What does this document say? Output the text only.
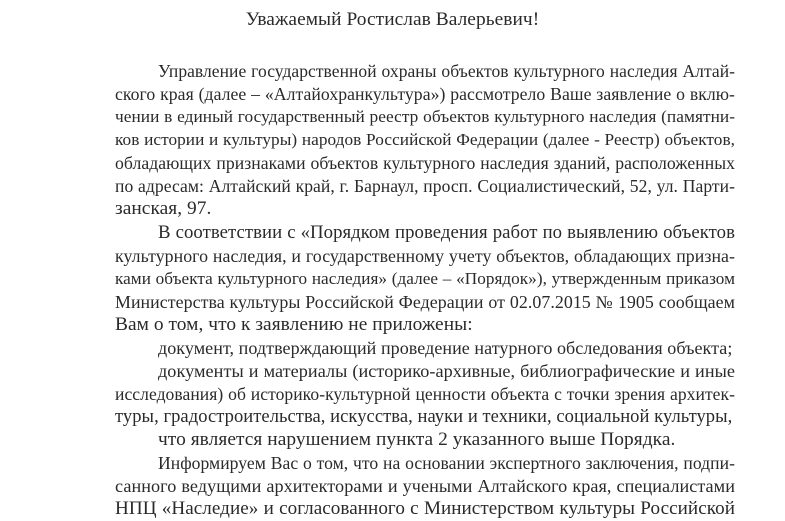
Уважаемый Ростислав Валерьевич!
Управление государственной охраны объектов культурного наследия Алтай-
ского края (далее – «Алтайохранкультура») рассмотрело Ваше заявление о вклю-
чении в единый государственный реестр объектов культурного наследия (памятни-
ков истории и культуры) народов Российской Федерации (далее - Реестр) объектов,
обладающих признаками объектов культурного наследия зданий, расположенных
по адресам: Алтайский край, г. Барнаул, просп. Социалистический, 52, ул. Парти-
занская, 97.
В соответствии с «Порядком проведения работ по выявлению объектов
культурного наследия, и государственному учету объектов, обладающих призна-
ками объекта культурного наследия» (далее – «Порядок»), утвержденным приказом
Министерства культуры Российской Федерации от 02.07.2015 № 1905 сообщаем
Вам о том, что к заявлению не приложены:
документ, подтверждающий проведение натурного обследования объекта;
документы и материалы (историко-архивные, библиографические и иные
исследования) об историко-культурной ценности объекта с точки зрения архитек-
туры, градостроительства, искусства, науки и техники, социальной культуры,
что является нарушением пункта 2 указанного выше Порядка.
Информируем Вас о том, что на основании экспертного заключения, подпи-
санного ведущими архитекторами и учеными Алтайского края, специалистами
НПЦ «Наследие» и согласованного с Министерством культуры Российской
